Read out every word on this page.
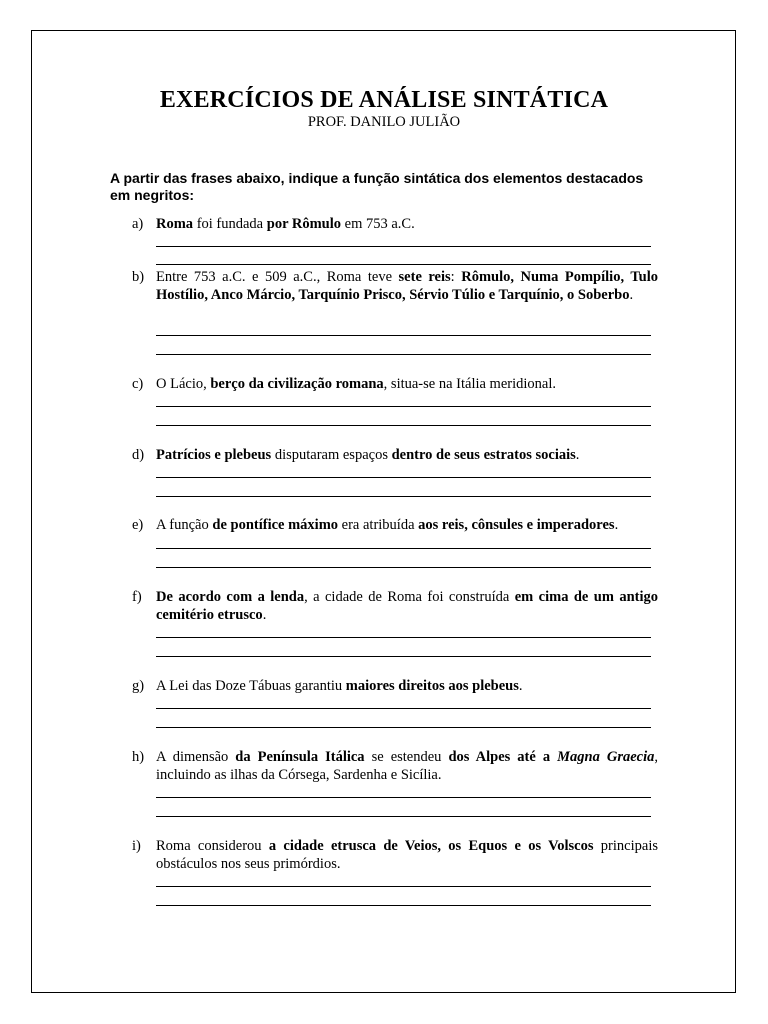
EXERCÍCIOS DE ANÁLISE SINTÁTICA

PROF. DANILO JULIÃO

A partir das frases abaixo, indique a função sintática dos elementos destacados em negritos:

a) Roma foi fundada por Rômulo em 753 a.C.
b) Entre 753 a.C. e 509 a.C., Roma teve sete reis: Rômulo, Numa Pompílio, Tulo Hostílio, Anco Márcio, Tarquínio Prisco, Sérvio Túlio e Tarquínio, o Soberbo.
c) O Lácio, berço da civilização romana, situa-se na Itália meridional.
d) Patrícios e plebeus disputaram espaços dentro de seus estratos sociais.
e) A função de pontífice máximo era atribuída aos reis, cônsules e imperadores.
f) De acordo com a lenda, a cidade de Roma foi construída em cima de um antigo cemitério etrusco.
g) A Lei das Doze Tábuas garantiu maiores direitos aos plebeus.
h) A dimensão da Península Itálica se estendeu dos Alpes até a Magna Graecia, incluindo as ilhas da Córsega, Sardenha e Sicília.
i) Roma considerou a cidade etrusca de Veios, os Equos e os Volscos principais obstáculos nos seus primórdios.
